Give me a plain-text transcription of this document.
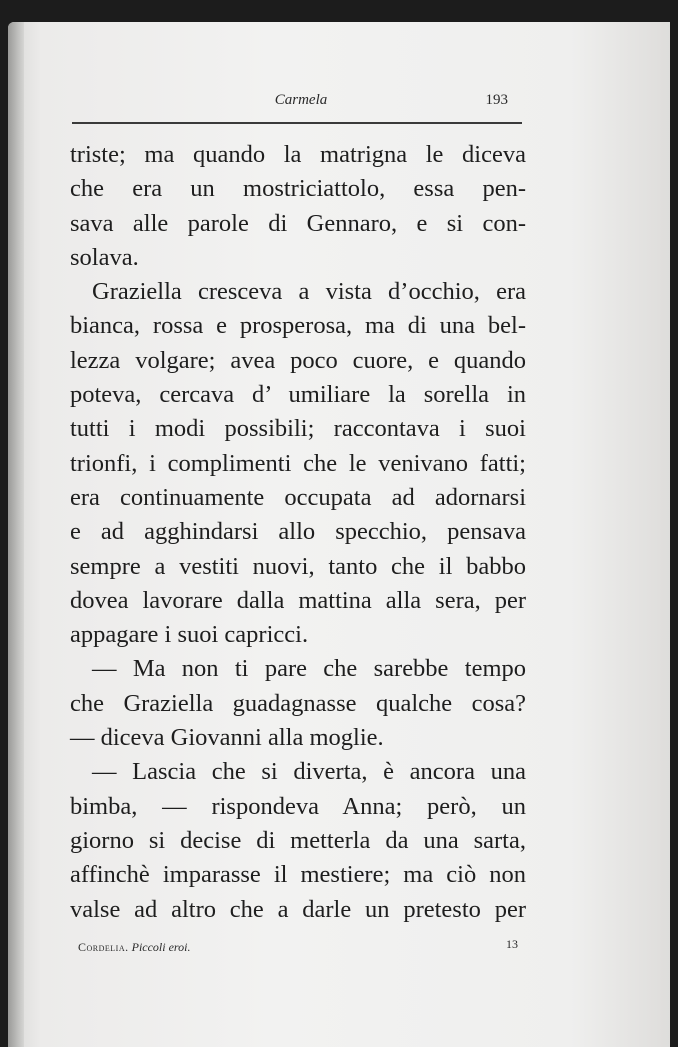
Carmela	193
triste; ma quando la matrigna le diceva
che era un mostriciattolo, essa pen-
sava alle parole di Gennaro, e si con-
solava.
Graziella cresceva a vista d’occhio, era
bianca, rossa e prosperosa, ma di una bel-
lezza volgare; avea poco cuore, e quando
poteva, cercava d’ umiliare la sorella in
tutti i modi possibili; raccontava i suoi
trionfi, i complimenti che le venivano fatti;
era continuamente occupata ad adornarsi
e ad agghindarsi allo specchio, pensava
sempre a vestiti nuovi, tanto che il babbo
dovea lavorare dalla mattina alla sera, per
appagare i suoi capricci.
— Ma non ti pare che sarebbe tempo
che Graziella guadagnasse qualche cosa?
— diceva Giovanni alla moglie.
— Lascia che si diverta, è ancora una
bimba, — rispondeva Anna; però, un
giorno si decise di metterla da una sarta,
affinchè imparasse il mestiere; ma ciò non
valse ad altro che a darle un pretesto per
Cordelia. Piccoli eroi.	13
